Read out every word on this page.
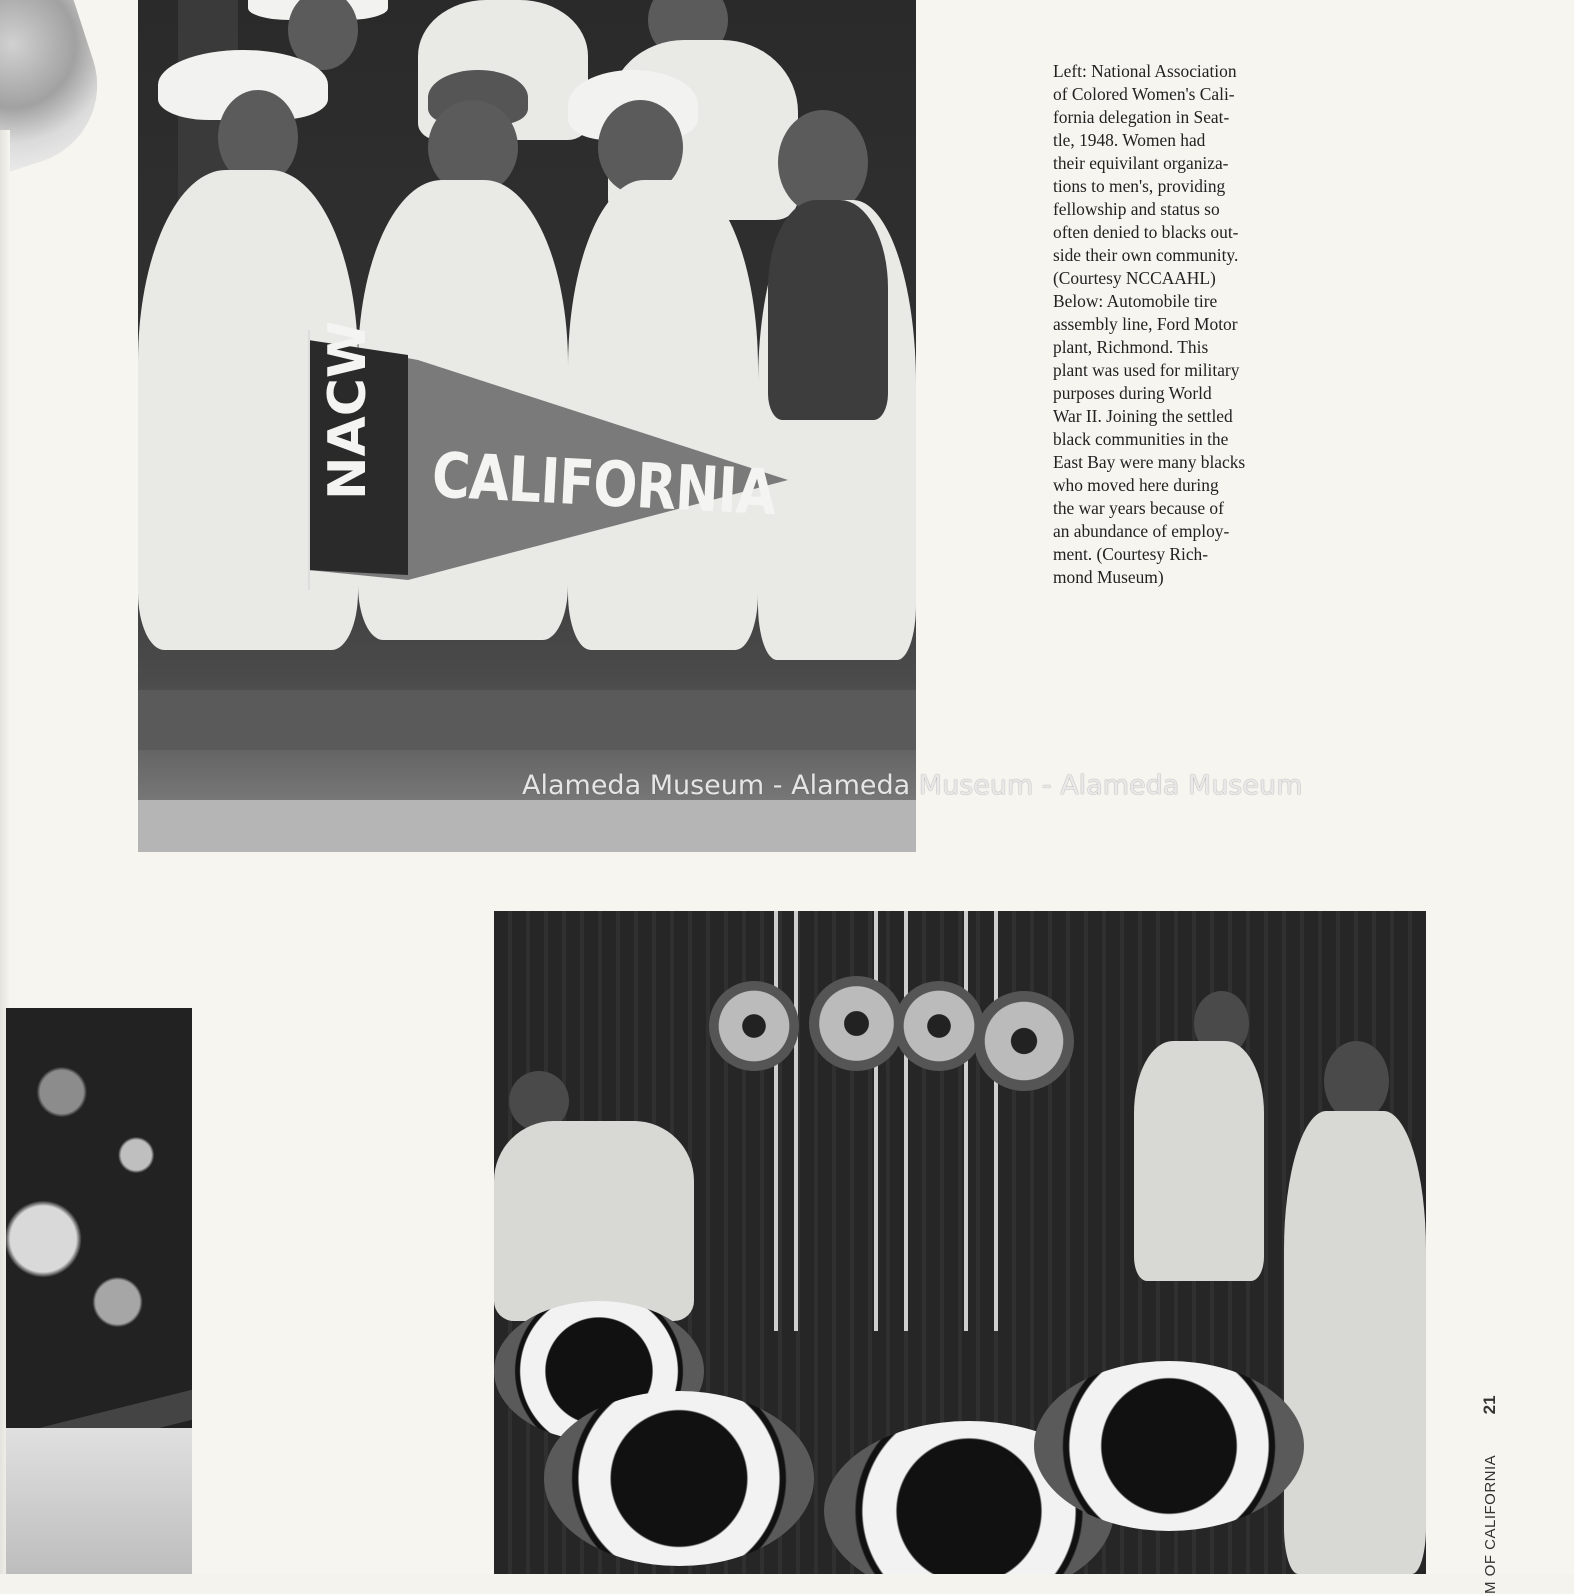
CALIFORNIA
NACW

Left: National Association
of Colored Women's Cali-
fornia delegation in Seat-
tle, 1948. Women had
their equivilant organiza-
tions to men's, providing
fellowship and status so
often denied to blacks out-
side their own community.
(Courtesy NCCAAHL)
Below: Automobile tire
assembly line, Ford Motor
plant, Richmond. This
plant was used for military
purposes during World
War II. Joining the settled
black communities in the
East Bay were many blacks
who moved here during
the war years because of
an abundance of employ-
ment. (Courtesy Rich-
mond Museum)

Alameda Museum - Alameda Museum - Alameda Museum
M OF CALIFORNIA 21
